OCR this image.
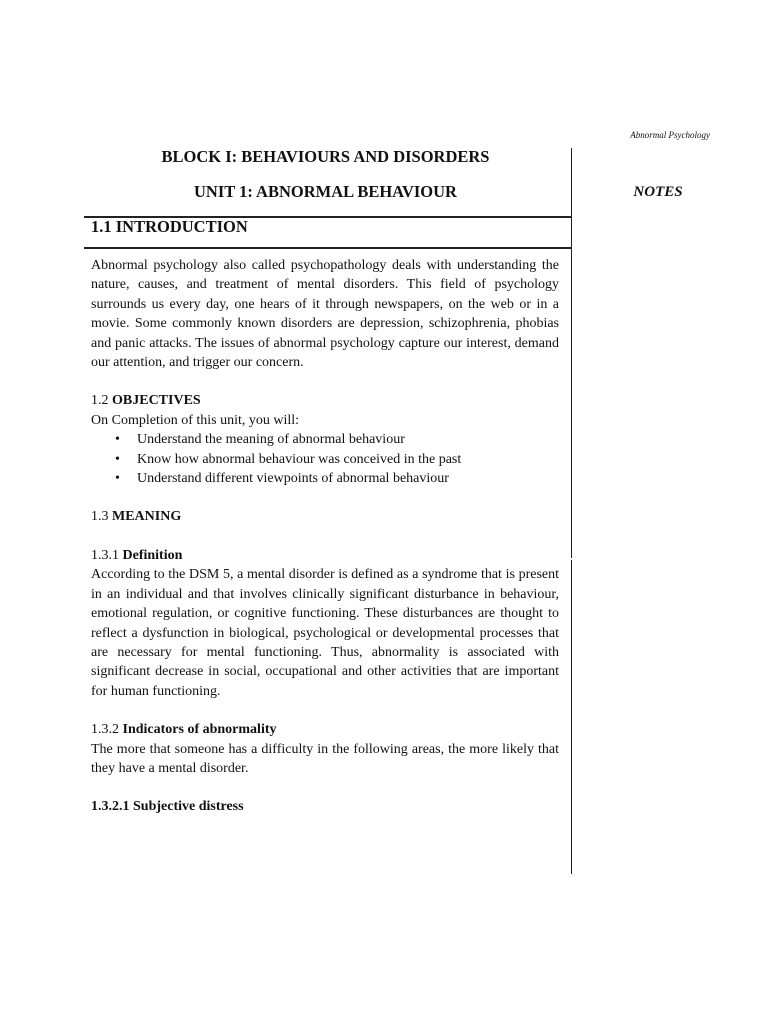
Abnormal Psychology
BLOCK I: BEHAVIOURS AND DISORDERS
UNIT 1: ABNORMAL BEHAVIOUR	NOTES
1.1 INTRODUCTION

Abnormal psychology also called psychopathology deals with understanding the nature, causes, and treatment of mental disorders. This field of psychology surrounds us every day, one hears of it through newspapers, on the web or in a movie. Some commonly known disorders are depression, schizophrenia, phobias and panic attacks. The issues of abnormal psychology capture our interest, demand our attention, and trigger our concern.

1.2 OBJECTIVES

On Completion of this unit, you will:

• Understand the meaning of abnormal behaviour
• Know how abnormal behaviour was conceived in the past
• Understand different viewpoints of abnormal behaviour

1.3 MEANING

1.3.1 Definition

According to the DSM 5, a mental disorder is defined as a syndrome that is present in an individual and that involves clinically significant disturbance in behaviour, emotional regulation, or cognitive functioning. These disturbances are thought to reflect a dysfunction in biological, psychological or developmental processes that are necessary for mental functioning. Thus, abnormality is associated with significant decrease in social, occupational and other activities that are important for human functioning.

1.3.2 Indicators of abnormality

The more that someone has a difficulty in the following areas, the more likely that they have a mental disorder.

1.3.2.1 Subjective distress
